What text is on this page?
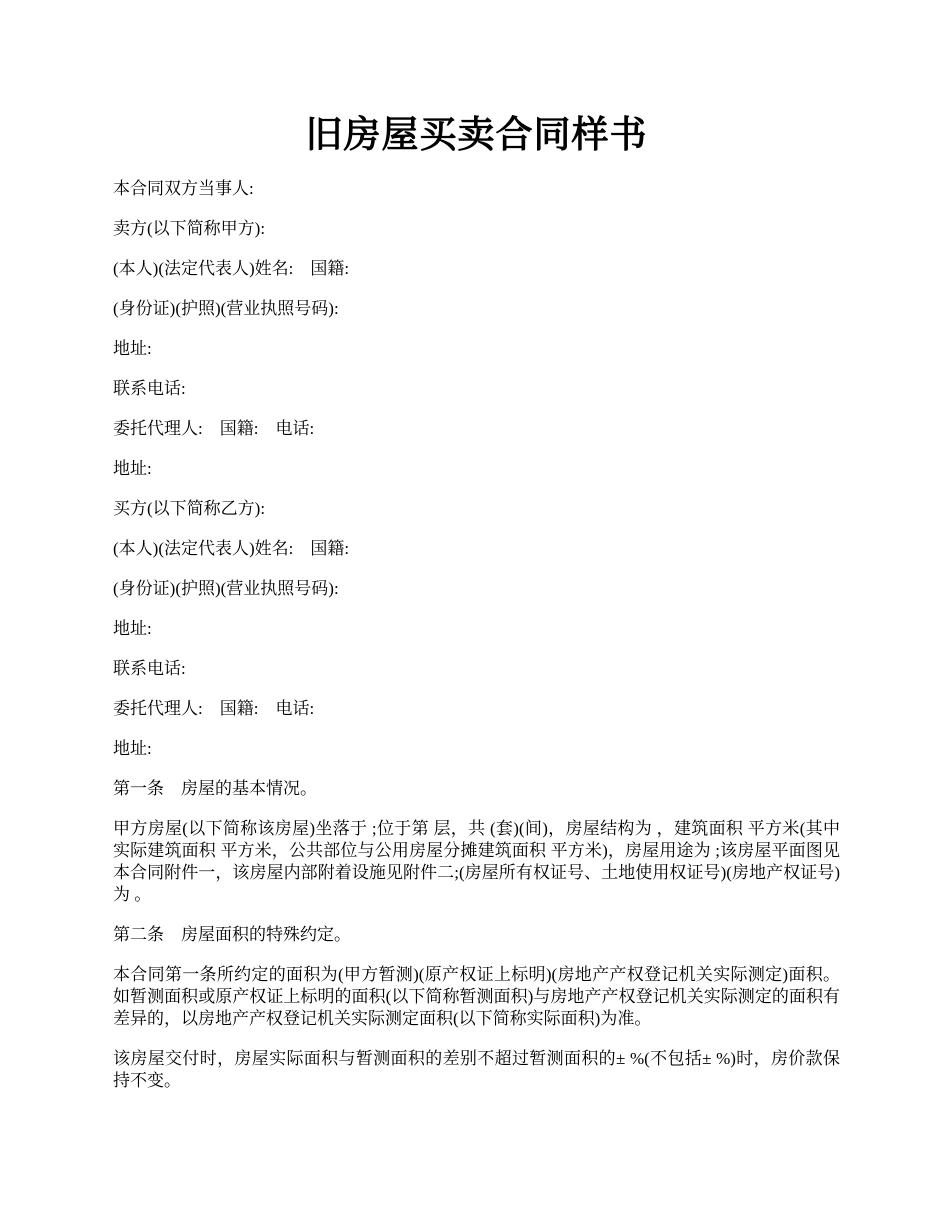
旧房屋买卖合同样书

本合同双方当事人:

卖方(以下简称甲方):

(本人)(法定代表人)姓名:　国籍:

(身份证)(护照)(营业执照号码):

地址:

联系电话:

委托代理人:　国籍:　电话:

地址:

买方(以下简称乙方):

(本人)(法定代表人)姓名:　国籍:

(身份证)(护照)(营业执照号码):

地址:

联系电话:

委托代理人:　国籍:　电话:

地址:

第一条　房屋的基本情况。

甲方房屋(以下简称该房屋)坐落于 ;位于第 层，共 (套)(间)，房屋结构为 ，建筑面积 平方米(其中实际建筑面积 平方米，公共部位与公用房屋分摊建筑面积 平方米)，房屋用途为 ;该房屋平面图见本合同附件一，该房屋内部附着设施见附件二;(房屋所有权证号、土地使用权证号)(房地产权证号)为 。

第二条　房屋面积的特殊约定。

本合同第一条所约定的面积为(甲方暂测)(原产权证上标明)(房地产产权登记机关实际测定)面积。如暂测面积或原产权证上标明的面积(以下简称暂测面积)与房地产产权登记机关实际测定的面积有差异的，以房地产产权登记机关实际测定面积(以下简称实际面积)为准。

该房屋交付时，房屋实际面积与暂测面积的差别不超过暂测面积的± %(不包括± %)时，房价款保持不变。
